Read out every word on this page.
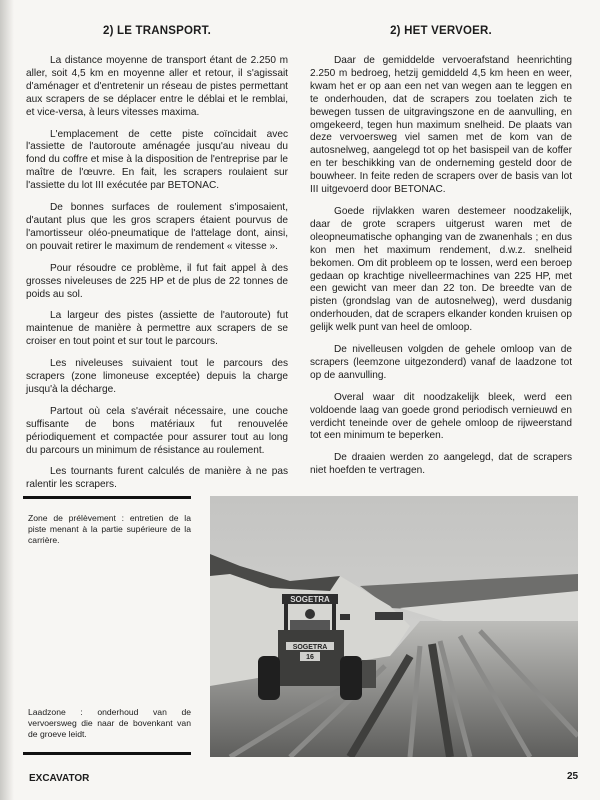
2) LE TRANSPORT.

La distance moyenne de transport étant de 2.250 m aller, soit 4,5 km en moyenne aller et retour, il s'agissait d'aménager et d'entretenir un réseau de pistes permettant aux scrapers de se déplacer entre le déblai et le remblai, et vice-versa, à leurs vitesses maxima.

L'emplacement de cette piste coïncidait avec l'assiette de l'autoroute aménagée jusqu'au niveau du fond du coffre et mise à la disposition de l'entreprise par le maître de l'œuvre. En fait, les scrapers roulaient sur l'assiette du lot III exécutée par BETONAC.

De bonnes surfaces de roulement s'imposaient, d'autant plus que les gros scrapers étaient pourvus de l'amortisseur oléo-pneumatique de l'attelage dont, ainsi, on pouvait retirer le maximum de rendement « vitesse ».

Pour résoudre ce problème, il fut fait appel à des grosses niveleuses de 225 HP et de plus de 22 tonnes de poids au sol.

La largeur des pistes (assiette de l'autoroute) fut maintenue de manière à permettre aux scrapers de se croiser en tout point et sur tout le parcours.

Les niveleuses suivaient tout le parcours des scrapers (zone limoneuse exceptée) depuis la charge jusqu'à la décharge.

Partout où cela s'avérait nécessaire, une couche suffisante de bons matériaux fut renouvelée périodiquement et compactée pour assurer tout au long du parcours un minimum de résistance au roulement.

Les tournants furent calculés de manière à ne pas ralentir les scrapers.

2) HET VERVOER.

Daar de gemiddelde vervoerafstand heenrichting 2.250 m bedroeg, hetzij gemiddeld 4,5 km heen en weer, kwam het er op aan een net van wegen aan te leggen en te onderhouden, dat de scrapers zou toelaten zich te bewegen tussen de uitgravingszone en de aanvulling, en omgekeerd, tegen hun maximum snelheid. De plaats van deze vervoersweg viel samen met de kom van de autosnelweg, aangelegd tot op het basispeil van de koffer en ter beschikking van de onderneming gesteld door de bouwheer. In feite reden de scrapers over de basis van lot III uitgevoerd door BETONAC.

Goede rijvlakken waren destemeer noodzakelijk, daar de grote scrapers uitgerust waren met de oleopneumatische ophanging van de zwanenhals ; en dus kon men het maximum rendement, d.w.z. snelheid bekomen. Om dit probleem op te lossen, werd een beroep gedaan op krachtige nivelleermachines van 225 HP, met een gewicht van meer dan 22 ton. De breedte van de pisten (grondslag van de autosnelweg), werd dusdanig onderhouden, dat de scrapers elkander konden kruisen op gelijk welk punt van heel de omloop.

De nivelleusen volgden de gehele omloop van de scrapers (leemzone uitgezonderd) vanaf de laadzone tot op de aanvulling.

Overal waar dit noodzakelijk bleek, werd een voldoende laag van goede grond periodisch vernieuwd en verdicht teneinde over de gehele omloop de rijweerstand tot een minimum te beperken.

De draaien werden zo aangelegd, dat de scrapers niet hoefden te vertragen.

Zone de prélèvement : entretien de la piste menant à la partie supérieure de la carrière.
Laadzone : onderhoud van de vervoersweg die naar de bovenkant van de groeve leidt.
SOGETRA
SOGETRA
16
EXCAVATOR	25
